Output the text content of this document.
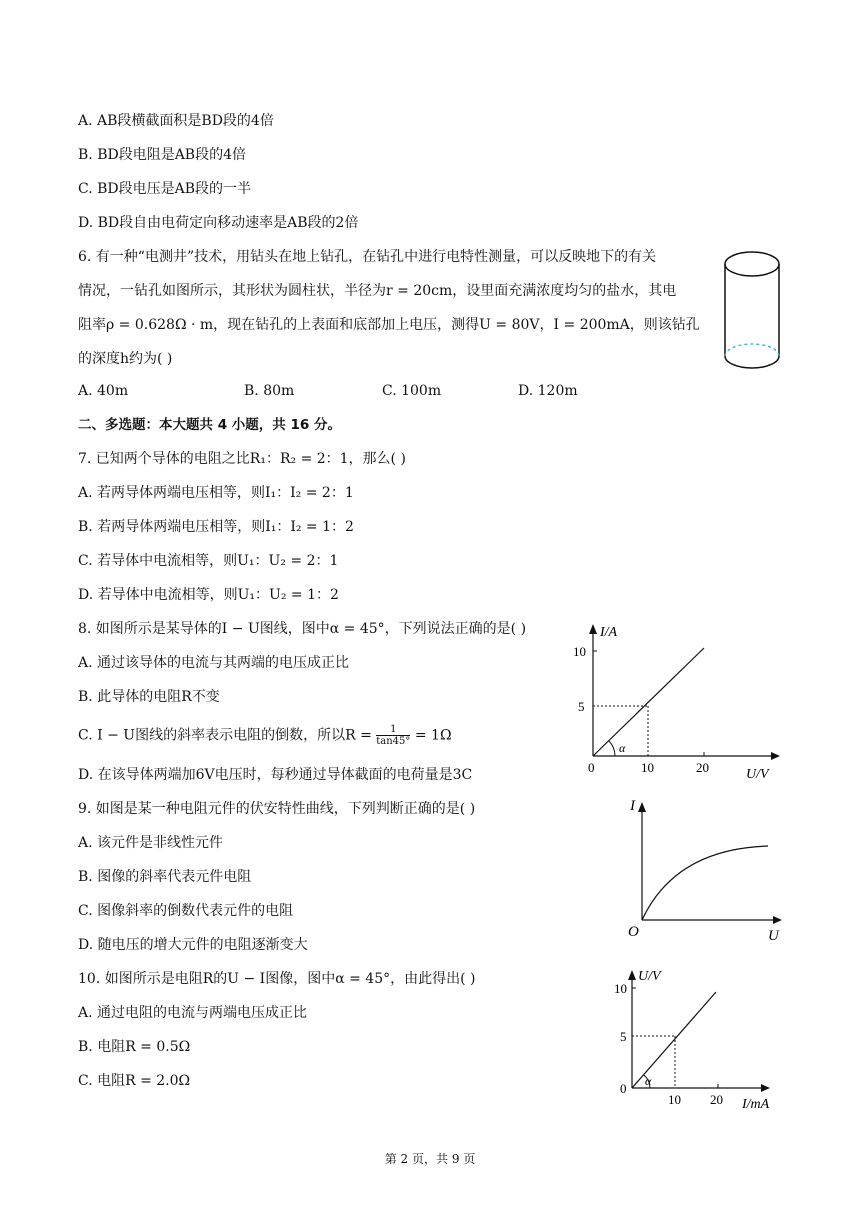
A. AB段横截面积是BD段的4倍
B. BD段电阻是AB段的4倍
C. BD段电压是AB段的一半
D. BD段自由电荷定向移动速率是AB段的2倍
6. 有一种“电测井”技术，用钻头在地上钻孔，在钻孔中进行电特性测量，可以反映地下的有关
情况，一钻孔如图所示，其形状为圆柱状，半径为r = 20cm，设里面充满浓度均匀的盐水，其电
阻率ρ = 0.628Ω · m，现在钻孔的上表面和底部加上电压，测得U = 80V，I = 200mA，则该钻孔
的深度h约为( )
A. 40m	B. 80m	C. 100m	D. 120m
二、多选题：本大题共 4 小题，共 16 分。
7. 已知两个导体的电阻之比R₁：R₂ = 2：1，那么( )
A. 若两导体两端电压相等，则I₁：I₂ = 2：1
B. 若两导体两端电压相等，则I₁：I₂ = 1：2
C. 若导体中电流相等，则U₁：U₂ = 2：1
D. 若导体中电流相等，则U₁：U₂ = 1：2
8. 如图所示是某导体的I − U图线，图中α = 45°，下列说法正确的是( )
A. 通过该导体的电流与其两端的电压成正比
B. 此导体的电阻R不变
C. I − U图线的斜率表示电阻的倒数，所以$R = \frac{1}{\tan 45^\circ} = 1\Omega$
D. 在该导体两端加6V电压时，每秒通过导体截面的电荷量是3C
I/A
U/V
10
5
0	10	20
α
9. 如图是某一种电阻元件的伏安特性曲线，下列判断正确的是( )
A. 该元件是非线性元件
B. 图像的斜率代表元件电阻
C. 图像斜率的倒数代表元件的电阻
D. 随电压的增大元件的电阻逐渐变大
I
U
O
10. 如图所示是电阻R的U − I图像，图中α = 45°，由此得出( )
A. 通过电阻的电流与两端电压成正比
B. 电阻R = 0.5Ω
C. 电阻R = 2.0Ω
U/V
I/mA
10
5
0
10 20
α
第 2 页，共 9 页
